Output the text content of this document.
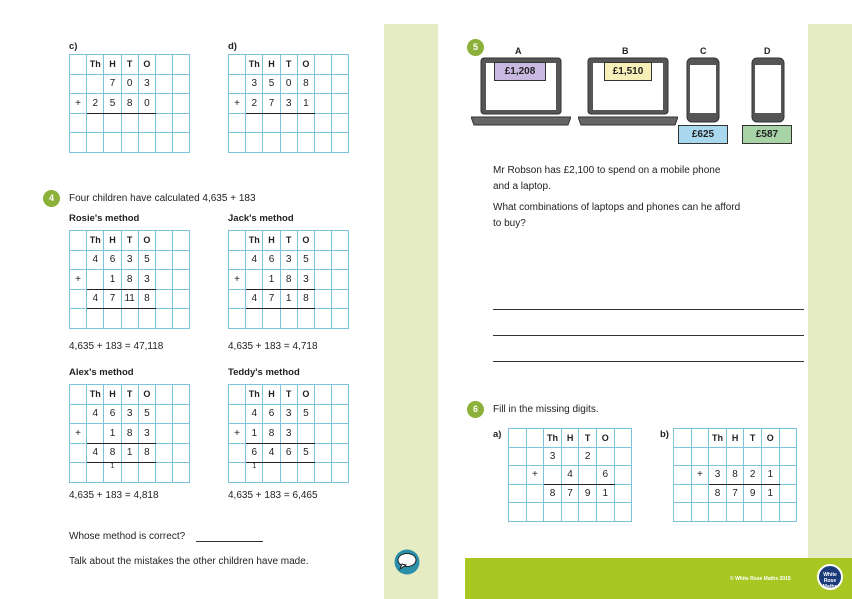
© White Rose Maths 2019
White
Rose
Maths
c)
	Th	H	T	O		
		7	0	3		
+	2	5	8	0		

d)
	Th	H	T	O		
	3	5	0	8		
+	2	7	3	1		

4	Four children have calculated 4,635 + 183
Rosie's method
	Th	H	T	O		
	4	6	3	5		
+		1	8	3		
	4	7	11	8		

4,635 + 183 = 47,118
Jack's method
	Th	H	T	O		
	4	6	3	5		
+		1	8	3		
	4	7	1	8		

4,635 + 183 = 4,718
Alex's method
	Th	H	T	O		
	4	6	3	5		
+		1	8	3		
	4	8	1	8		
		1				
4,635 + 183 = 4,818
Teddy's method
	Th	H	T	O		
	4	6	3	5		
+	1	8	3			
	6	4	6	5		
	1					
4,635 + 183 = 6,465
Whose method is correct?
Talk about the mistakes the other children have made.
5	A
£1,208
B
£1,510
C
£625
D
£587
Mr Robson has £2,100 to spend on a mobile phone
and a laptop.
What combinations of laptops and phones can he afford
to buy?
6	Fill in the missing digits.
a)
			Th	H	T	O	
		3		2		
	+		4		6	
		8	7	9	1	

b)
			Th	H	T	O	

	+	3	8	2	1	
		8	7	9	1	
